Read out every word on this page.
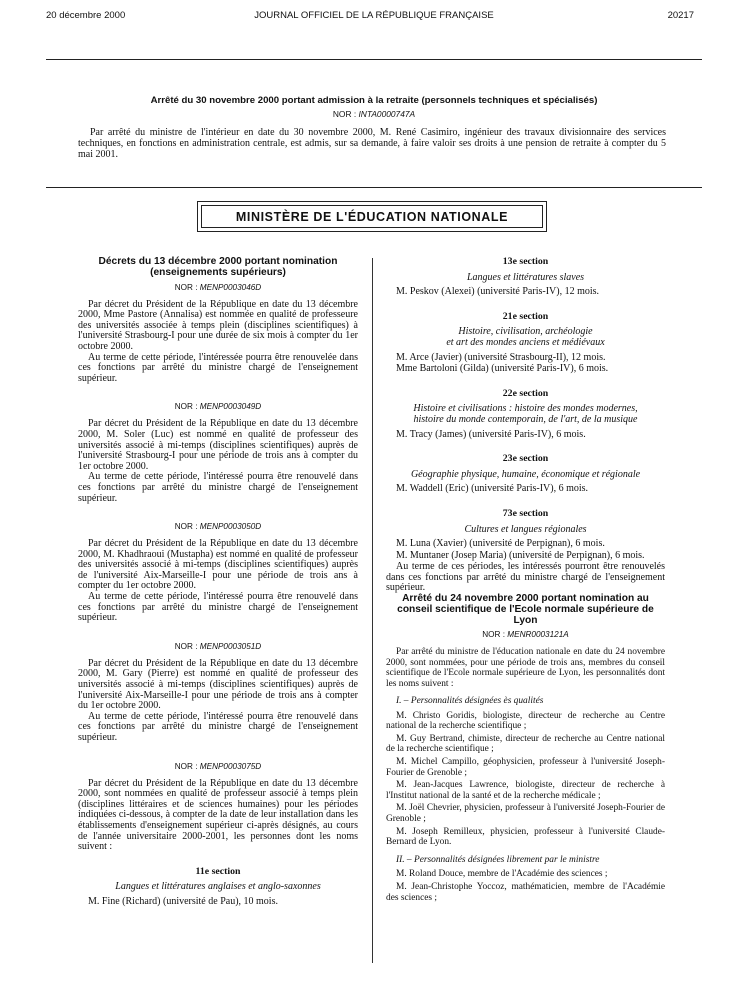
20 décembre 2000	JOURNAL OFFICIEL DE LA RÉPUBLIQUE FRANÇAISE	20217
Arrêté du 30 novembre 2000 portant admission à la retraite (personnels techniques et spécialisés)
NOR : INTA0000747A

Par arrêté du ministre de l'intérieur en date du 30 novembre 2000, M. René Casimiro, ingénieur des travaux divisionnaire des services techniques, en fonctions en administration centrale, est admis, sur sa demande, à faire valoir ses droits à une pension de retraite à compter du 5 mai 2001.

MINISTÈRE DE L'ÉDUCATION NATIONALE
Décrets du 13 décembre 2000 portant nomination (enseignements supérieurs)
NOR : MENP0003046D

Par décret du Président de la République en date du 13 décembre 2000, Mme Pastore (Annalisa) est nommée en qualité de professeure des universités associée à temps plein (disciplines scientifiques) à l'université Strasbourg-I pour une durée de six mois à compter du 1er octobre 2000.

Au terme de cette période, l'intéressée pourra être renouvelée dans ces fonctions par arrêté du ministre chargé de l'enseignement supérieur.

NOR : MENP0003049D

Par décret du Président de la République en date du 13 décembre 2000, M. Soler (Luc) est nommé en qualité de professeur des universités associé à mi-temps (disciplines scientifiques) auprès de l'université Strasbourg-I pour une période de trois ans à compter du 1er octobre 2000.

Au terme de cette période, l'intéressé pourra être renouvelé dans ces fonctions par arrêté du ministre chargé de l'enseignement supérieur.

NOR : MENP0003050D

Par décret du Président de la République en date du 13 décembre 2000, M. Khadhraoui (Mustapha) est nommé en qualité de professeur des universités associé à mi-temps (disciplines scientifiques) auprès de l'université Aix-Marseille-I pour une période de trois ans à compter du 1er octobre 2000.

Au terme de cette période, l'intéressé pourra être renouvelé dans ces fonctions par arrêté du ministre chargé de l'enseignement supérieur.

NOR : MENP0003051D

Par décret du Président de la République en date du 13 décembre 2000, M. Gary (Pierre) est nommé en qualité de professeur des universités associé à mi-temps (disciplines scientifiques) auprès de l'université Aix-Marseille-I pour une période de trois ans à compter du 1er octobre 2000.

Au terme de cette période, l'intéressé pourra être renouvelé dans ces fonctions par arrêté du ministre chargé de l'enseignement supérieur.

NOR : MENP0003075D

Par décret du Président de la République en date du 13 décembre 2000, sont nommées en qualité de professeur associé à temps plein (disciplines littéraires et de sciences humaines) pour les périodes indiquées ci-dessous, à compter de la date de leur installation dans les établissements d'enseignement supérieur ci-après désignés, au cours de l'année universitaire 2000-2001, les personnes dont les noms suivent :

11e section
Langues et littératures anglaises et anglo-saxonnes
M. Fine (Richard) (université de Pau), 10 mois.
13e section
Langues et littératures slaves
M. Peskov (Alexei) (université Paris-IV), 12 mois.
21e section
Histoire, civilisation, archéologie
et art des mondes anciens et médiévaux
M. Arce (Javier) (université Strasbourg-II), 12 mois.
Mme Bartoloni (Gilda) (université Paris-IV), 6 mois.
22e section
Histoire et civilisations : histoire des mondes modernes,
histoire du monde contemporain, de l'art, de la musique
M. Tracy (James) (université Paris-IV), 6 mois.
23e section
Géographie physique, humaine, économique et régionale
M. Waddell (Eric) (université Paris-IV), 6 mois.
73e section
Cultures et langues régionales
M. Luna (Xavier) (université de Perpignan), 6 mois.
M. Muntaner (Josep Maria) (université de Perpignan), 6 mois.

Au terme de ces périodes, les intéressés pourront être renouvelés dans ces fonctions par arrêté du ministre chargé de l'enseignement supérieur.

Arrêté du 24 novembre 2000 portant nomination au conseil scientifique de l'Ecole normale supérieure de Lyon
NOR : MENR0003121A

Par arrêté du ministre de l'éducation nationale en date du 24 novembre 2000, sont nommées, pour une période de trois ans, membres du conseil scientifique de l'Ecole normale supérieure de Lyon, les personnalités dont les noms suivent :

I. – Personnalités désignées ès qualités

M. Christo Goridis, biologiste, directeur de recherche au Centre national de la recherche scientifique ;

M. Guy Bertrand, chimiste, directeur de recherche au Centre national de la recherche scientifique ;

M. Michel Campillo, géophysicien, professeur à l'université Joseph-Fourier de Grenoble ;

M. Jean-Jacques Lawrence, biologiste, directeur de recherche à l'Institut national de la santé et de la recherche médicale ;

M. Joël Chevrier, physicien, professeur à l'université Joseph-Fourier de Grenoble ;

M. Joseph Remilleux, physicien, professeur à l'université Claude-Bernard de Lyon.

II. – Personnalités désignées librement par le ministre

M. Roland Douce, membre de l'Académie des sciences ;

M. Jean-Christophe Yoccoz, mathématicien, membre de l'Académie des sciences ;
